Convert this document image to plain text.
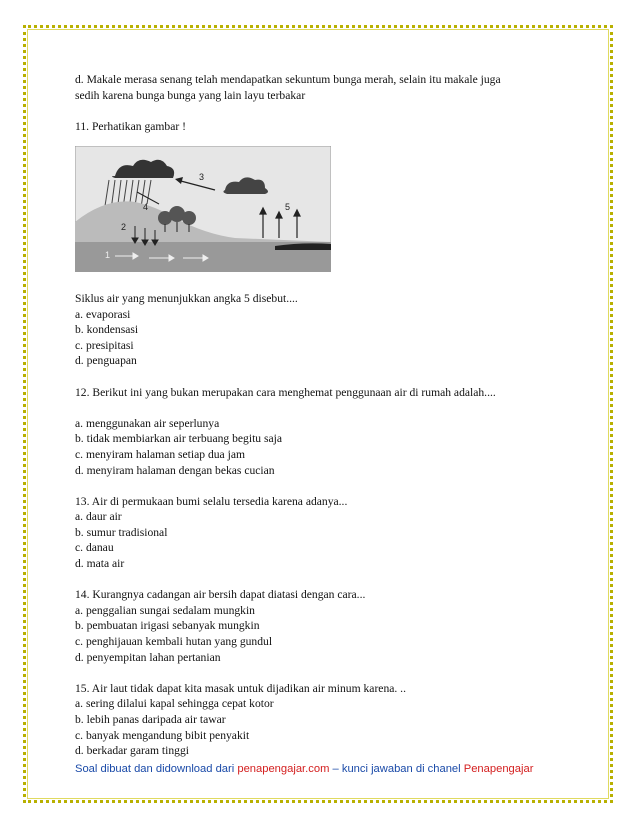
d. Makale merasa senang telah mendapatkan sekuntum bunga merah, selain itu makale juga

sedih karena bunga bunga yang lain layu terbakar

11. Perhatikan gambar !

3
5
4
2
1

Siklus air yang menunjukkan angka 5 disebut....

a. evaporasi

b. kondensasi

c. presipitasi

d. penguapan

12. Berikut ini yang bukan merupakan cara menghemat penggunaan air di rumah adalah....

a. menggunakan air seperlunya

b. tidak membiarkan air terbuang begitu saja

c. menyiram halaman setiap dua jam

d. menyiram halaman dengan bekas cucian

13. Air di permukaan bumi selalu tersedia karena adanya...

a. daur air

b. sumur tradisional

c. danau

d. mata air

14. Kurangnya cadangan air bersih dapat diatasi dengan cara...

a. penggalian sungai sedalam mungkin

b. pembuatan irigasi sebanyak mungkin

c. penghijauan kembali hutan yang gundul

d. penyempitan lahan pertanian

15. Air laut tidak dapat kita masak untuk dijadikan air minum karena. ..

a. sering dilalui kapal sehingga cepat kotor

b. lebih panas daripada air tawar

c. banyak mengandung bibit penyakit

d. berkadar garam tinggi

Soal dibuat dan didownload dari penapengajar.com – kunci jawaban di chanel Penapengajar
